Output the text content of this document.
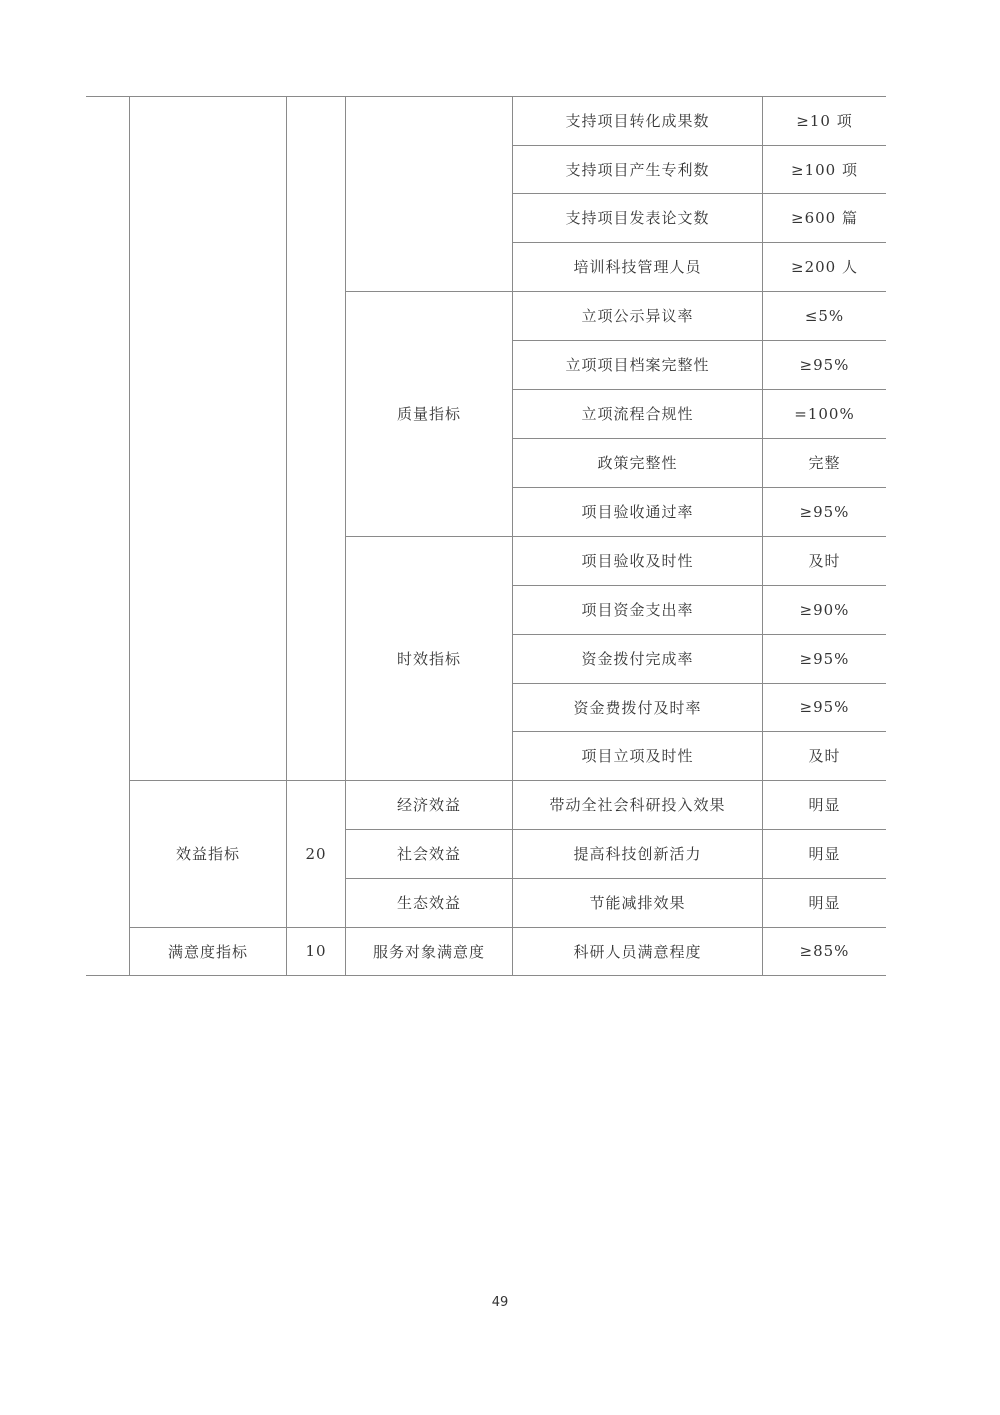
支持项目转化成果数	≥10 项
支持项目产生专利数	≥100 项
支持项目发表论文数	≥600 篇
培训科技管理人员	≥200 人
质量指标
立项公示异议率	≤5%
立项项目档案完整性	≥95%
立项流程合规性	=100%
政策完整性	完整
项目验收通过率	≥95%
时效指标
项目验收及时性	及时
项目资金支出率	≥90%
资金拨付完成率	≥95%
资金费拨付及时率	≥95%
项目立项及时性	及时
效益指标	20
经济效益	带动全社会科研投入效果	明显
社会效益	提高科技创新活力	明显
生态效益	节能减排效果	明显
满意度指标	10	服务对象满意度	科研人员满意程度	≥85%
49
